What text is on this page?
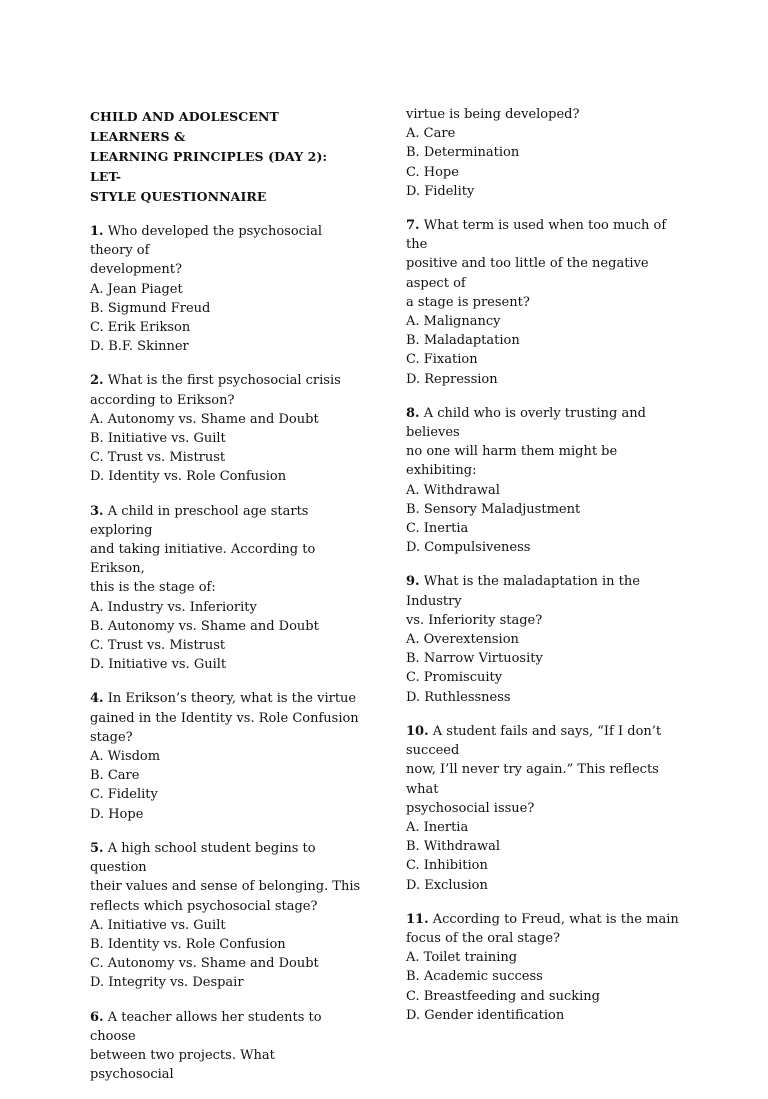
CHILD AND ADOLESCENT LEARNERS &
LEARNING PRINCIPLES (DAY 2): LET-
STYLE QUESTIONNAIRE
1. Who developed the psychosocial theory of
development?
A. Jean Piaget
B. Sigmund Freud
C. Erik Erikson
D. B.F. Skinner
2. What is the first psychosocial crisis
according to Erikson?
A. Autonomy vs. Shame and Doubt
B. Initiative vs. Guilt
C. Trust vs. Mistrust
D. Identity vs. Role Confusion
3. A child in preschool age starts exploring
and taking initiative. According to Erikson,
this is the stage of:
A. Industry vs. Inferiority
B. Autonomy vs. Shame and Doubt
C. Trust vs. Mistrust
D. Initiative vs. Guilt
4. In Erikson’s theory, what is the virtue
gained in the Identity vs. Role Confusion
stage?
A. Wisdom
B. Care
C. Fidelity
D. Hope
5. A high school student begins to question
their values and sense of belonging. This
reflects which psychosocial stage?
A. Initiative vs. Guilt
B. Identity vs. Role Confusion
C. Autonomy vs. Shame and Doubt
D. Integrity vs. Despair
6. A teacher allows her students to choose
between two projects. What psychosocial
virtue is being developed?
A. Care
B. Determination
C. Hope
D. Fidelity
7. What term is used when too much of the
positive and too little of the negative aspect of
a stage is present?
A. Malignancy
B. Maladaptation
C. Fixation
D. Repression
8. A child who is overly trusting and believes
no one will harm them might be exhibiting:
A. Withdrawal
B. Sensory Maladjustment
C. Inertia
D. Compulsiveness
9. What is the maladaptation in the Industry
vs. Inferiority stage?
A. Overextension
B. Narrow Virtuosity
C. Promiscuity
D. Ruthlessness
10. A student fails and says, “If I don’t succeed
now, I’ll never try again.” This reflects what
psychosocial issue?
A. Inertia
B. Withdrawal
C. Inhibition
D. Exclusion
11. According to Freud, what is the main
focus of the oral stage?
A. Toilet training
B. Academic success
C. Breastfeeding and sucking
D. Gender identification
